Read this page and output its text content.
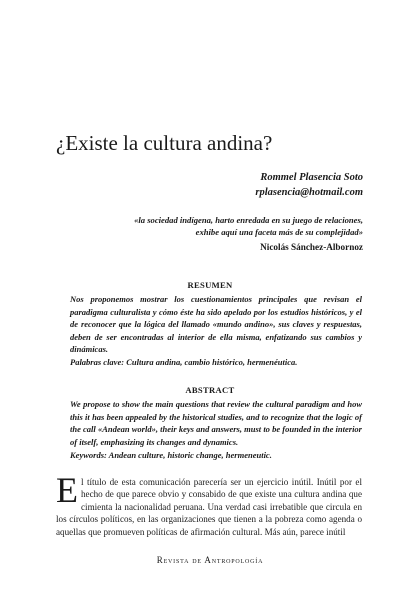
¿Existe la cultura andina?
Rommel Plasencia Soto
rplasencia@hotmail.com
«la sociedad indígena, harto enredada en su juego de relaciones, exhibe aquí una faceta más de su complejidad»
Nicolás Sánchez-Albornoz
RESUMEN

Nos proponemos mostrar los cuestionamientos principales que revisan el paradigma culturalista y cómo éste ha sido apelado por los estudios históricos, y el de reconocer que la lógica del llamado «mundo andino», sus claves y respuestas, deben de ser encontradas al interior de ella misma, enfatizando sus cambios y dinámicas.

Palabras clave: Cultura andina, cambio histórico, hermenéutica.

ABSTRACT

We propose to show the main questions that review the cultural paradigm and how this it has been appealed by the historical studies, and to recognize that the logic of the call «Andean world», their keys and answers, must to be founded in the interior of itself, emphasizing its changes and dynamics.

Keywords: Andean culture, historic change, hermeneutic.

El título de esta comunicación parecería ser un ejercicio inútil. Inútil por el hecho de que parece obvio y consabido de que existe una cultura andina que cimienta la nacionalidad peruana. Una verdad casi irrebatible que circula en los círculos políticos, en las organizaciones que tienen a la pobreza como agenda o aquellas que promueven políticas de afirmación cultural. Más aún, parece inútil

Revista de Antropología
